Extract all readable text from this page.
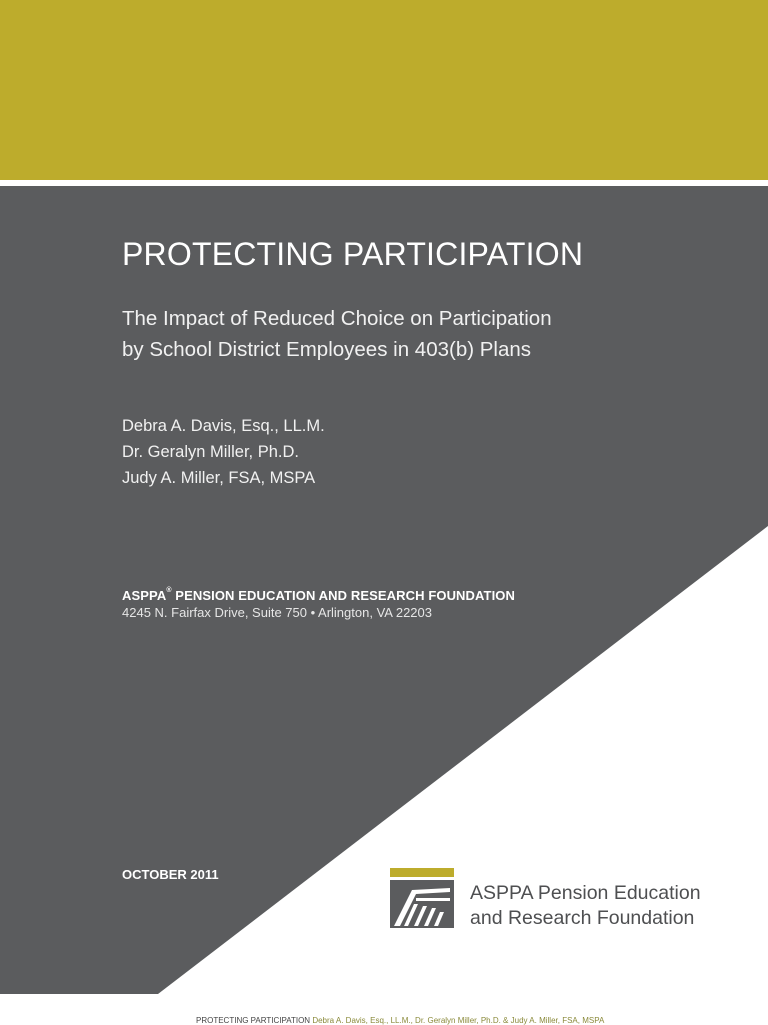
PROTECTING PARTICIPATION
The Impact of Reduced Choice on Participation
by School District Employees in 403(b) Plans
Debra A. Davis, Esq., LL.M.
Dr. Geralyn Miller, Ph.D.
Judy A. Miller, FSA, MSPA
ASPPA® PENSION EDUCATION AND RESEARCH FOUNDATION
4245 N. Fairfax Drive, Suite 750 • Arlington, VA 22203
OCTOBER 2011
ASPPA Pension Education
and Research Foundation
PROTECTING PARTICIPATION Debra A. Davis, Esq., LL.M., Dr. Geralyn Miller, Ph.D. & Judy A. Miller, FSA, MSPA
